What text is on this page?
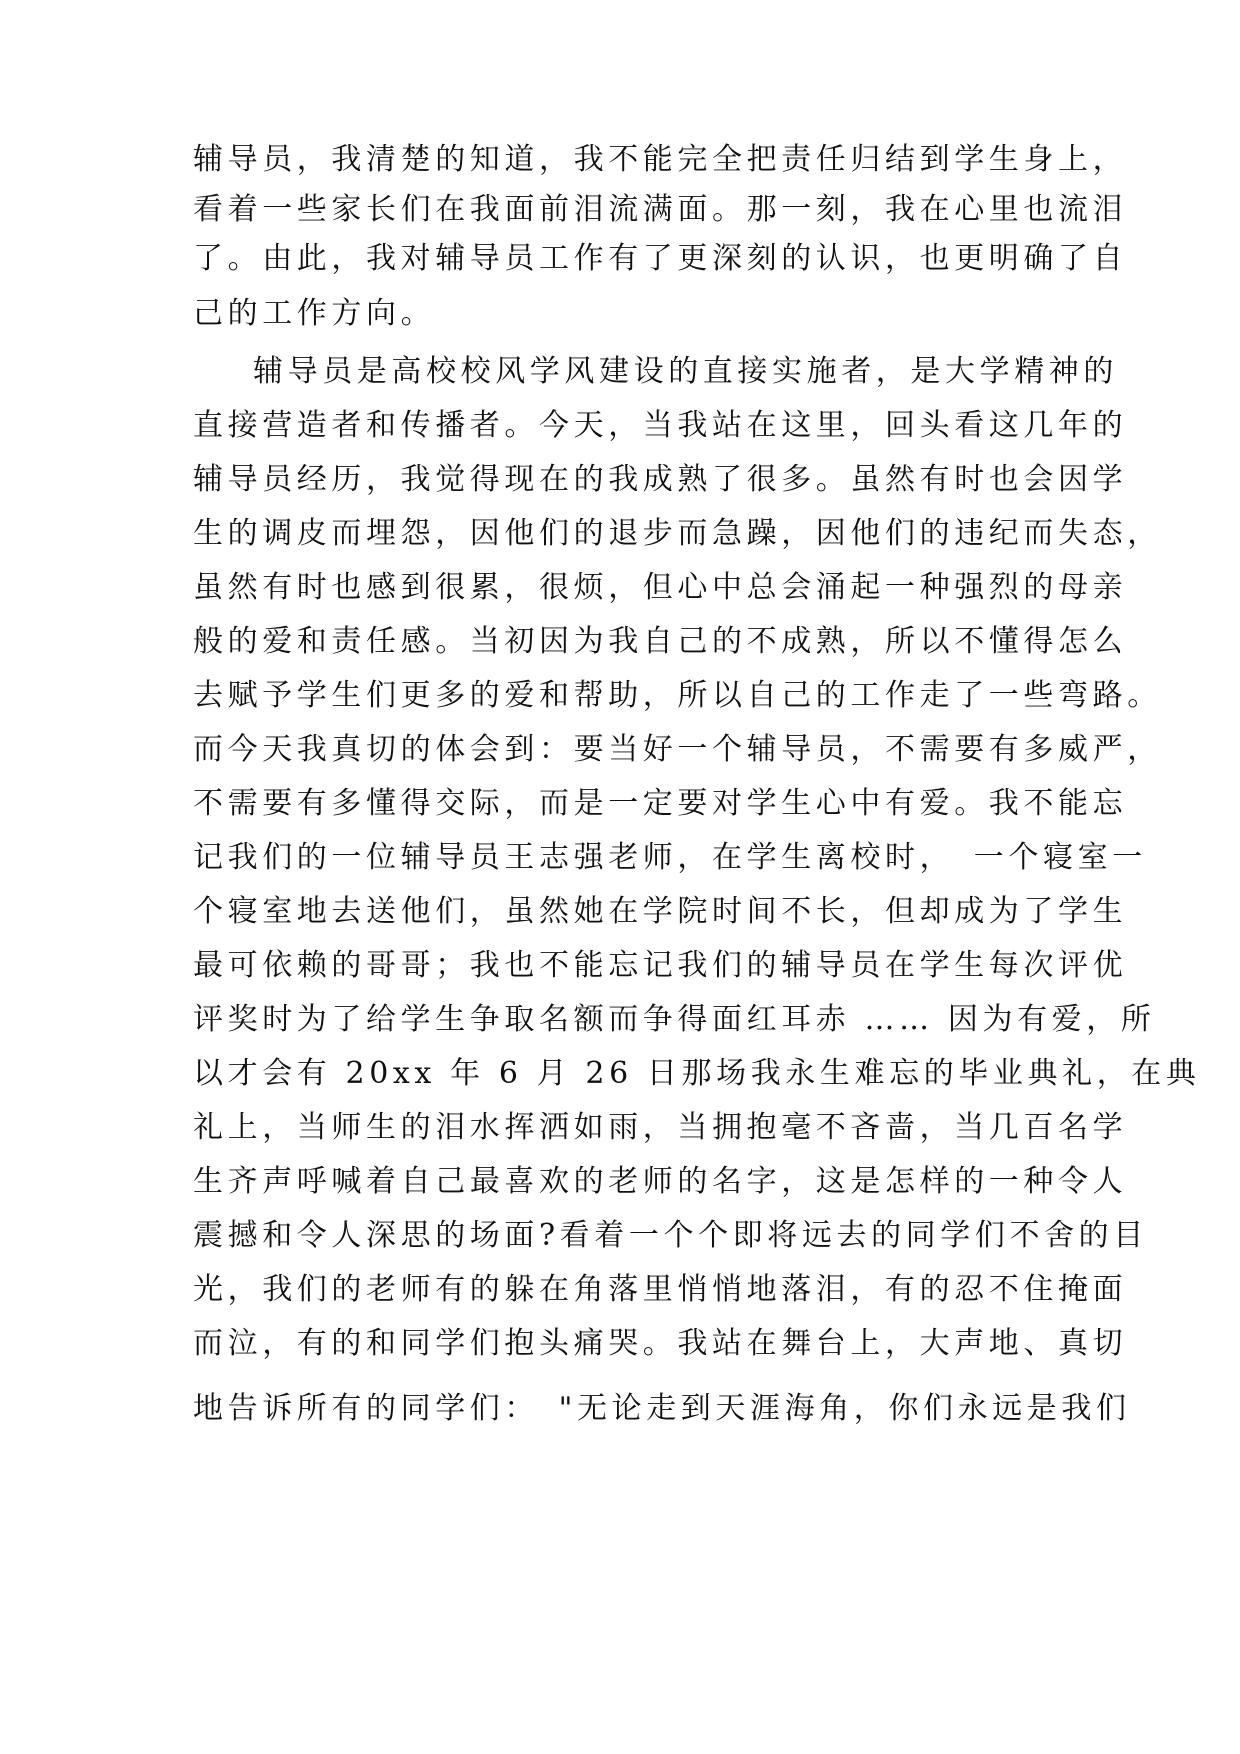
辅导员，我清楚的知道，我不能完全把责任归结到学生身上，
看着一些家长们在我面前泪流满面。那一刻，我在心里也流泪
了。由此，我对辅导员工作有了更深刻的认识，也更明确了自
己的工作方向。
辅导员是高校校风学风建设的直接实施者，是大学精神的
直接营造者和传播者。今天，当我站在这里，回头看这几年的
辅导员经历，我觉得现在的我成熟了很多。虽然有时也会因学
生的调皮而埋怨，因他们的退步而急躁，因他们的违纪而失态，
虽然有时也感到很累，很烦，但心中总会涌起一种强烈的母亲
般的爱和责任感。当初因为我自己的不成熟，所以不懂得怎么
去赋予学生们更多的爱和帮助，所以自己的工作走了一些弯路。
而今天我真切的体会到：要当好一个辅导员，不需要有多威严，
不需要有多懂得交际，而是一定要对学生心中有爱。我不能忘
记我们的一位辅导员王志强老师，在学生离校时，　一个寝室一
个寝室地去送他们，虽然她在学院时间不长，但却成为了学生
最可依赖的哥哥；我也不能忘记我们的辅导员在学生每次评优
评奖时为了给学生争取名额而争得面红耳赤 …… 因为有爱，所
以才会有 20xx 年 6 月 26 日那场我永生难忘的毕业典礼，在典
礼上，当师生的泪水挥洒如雨，当拥抱毫不吝啬，当几百名学
生齐声呼喊着自己最喜欢的老师的名字，这是怎样的一种令人
震撼和令人深思的场面?看着一个个即将远去的同学们不舍的目
光，我们的老师有的躲在角落里悄悄地落泪，有的忍不住掩面
而泣，有的和同学们抱头痛哭。我站在舞台上，大声地、真切
地告诉所有的同学们：　"无论走到天涯海角，你们永远是我们
